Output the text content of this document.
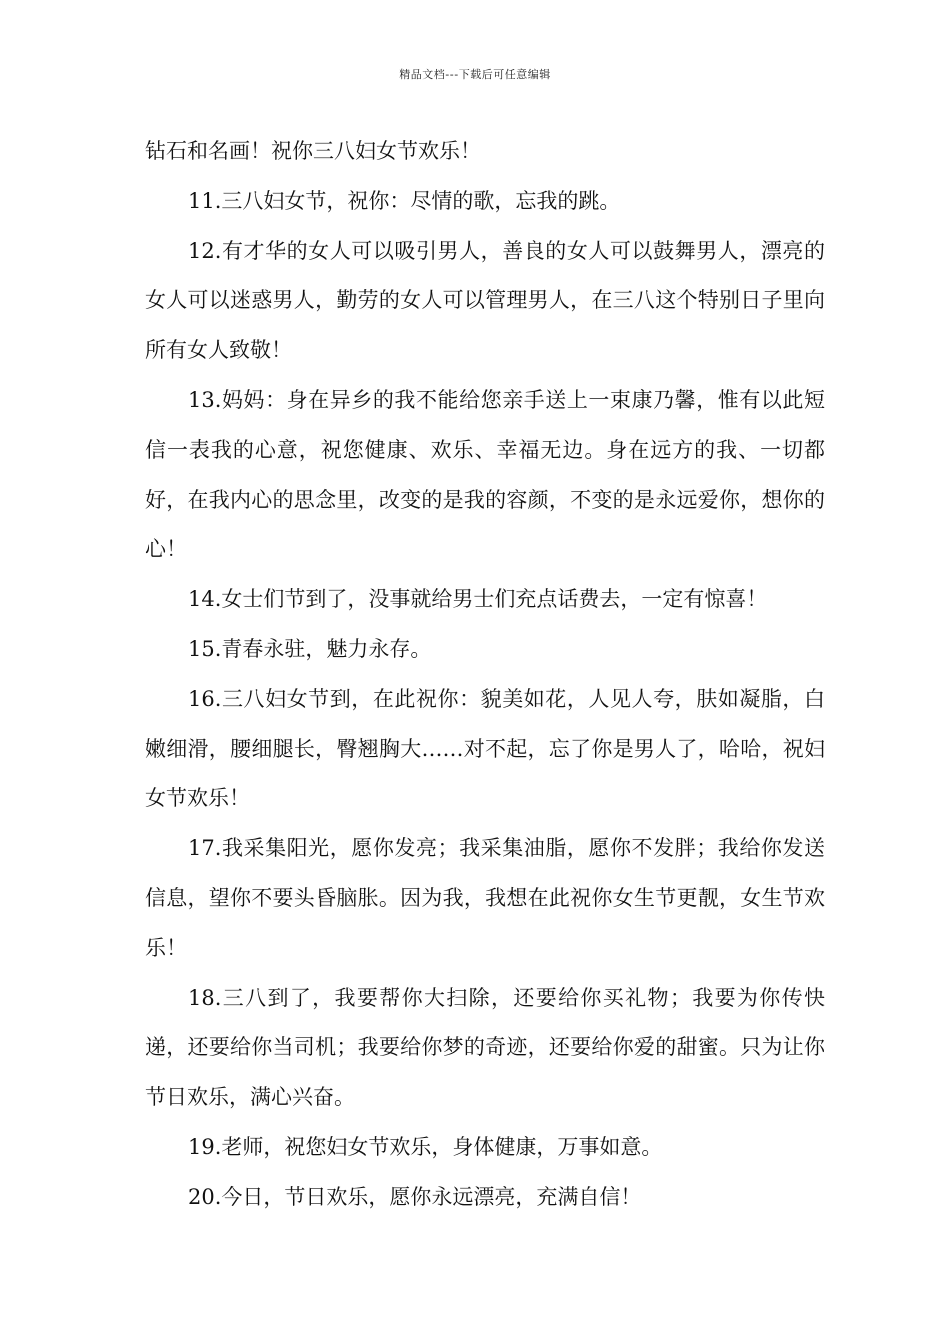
精品文档---下载后可任意编辑

钻石和名画！祝你三八妇女节欢乐！

11.三八妇女节，祝你：尽情的歌，忘我的跳。

12.有才华的女人可以吸引男人，善良的女人可以鼓舞男人，漂亮的女人可以迷惑男人，勤劳的女人可以管理男人，在三八这个特别日子里向所有女人致敬！

13.妈妈：身在异乡的我不能给您亲手送上一束康乃馨，惟有以此短信一表我的心意，祝您健康、欢乐、幸福无边。身在远方的我、一切都好，在我内心的思念里，改变的是我的容颜，不变的是永远爱你，想你的心！

14.女士们节到了，没事就给男士们充点话费去，一定有惊喜！

15.青春永驻，魅力永存。

16.三八妇女节到，在此祝你：貌美如花，人见人夸，肤如凝脂，白嫩细滑，腰细腿长，臀翘胸大……对不起，忘了你是男人了，哈哈，祝妇女节欢乐！

17.我采集阳光，愿你发亮；我采集油脂，愿你不发胖；我给你发送信息，望你不要头昏脑胀。因为我，我想在此祝你女生节更靓，女生节欢乐！

18.三八到了，我要帮你大扫除，还要给你买礼物；我要为你传快递，还要给你当司机；我要给你梦的奇迹，还要给你爱的甜蜜。只为让你节日欢乐，满心兴奋。

19.老师，祝您妇女节欢乐，身体健康，万事如意。

20.今日，节日欢乐，愿你永远漂亮，充满自信！
